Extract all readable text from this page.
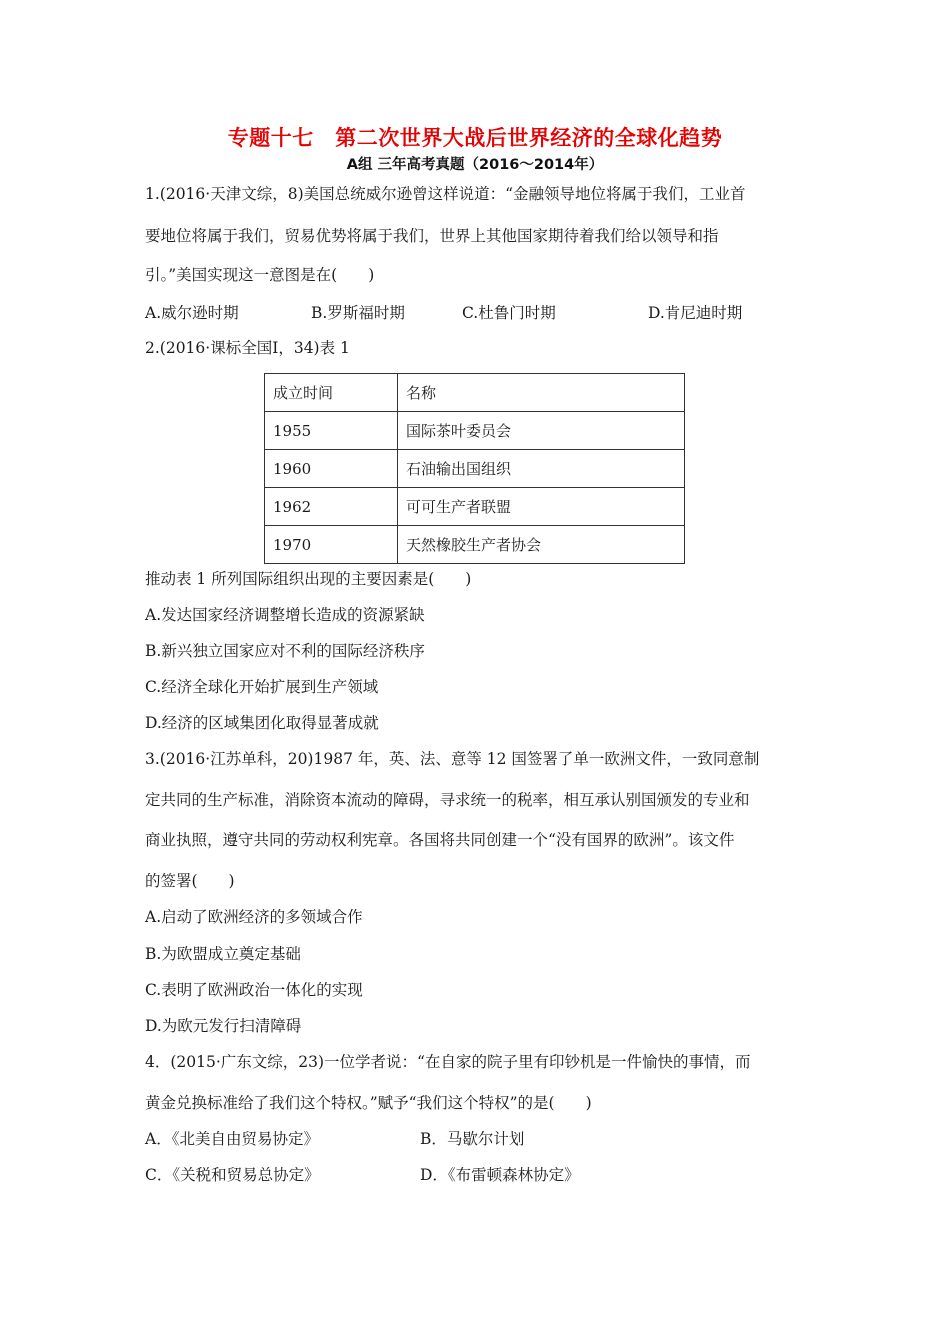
专题十七　第二次世界大战后世界经济的全球化趋势
A组 三年高考真题（2016～2014年）
1.(2016·天津文综，8)美国总统威尔逊曾这样说道：“金融领导地位将属于我们，工业首
要地位将属于我们，贸易优势将属于我们，世界上其他国家期待着我们给以领导和指
引。”美国实现这一意图是在(　　)
A.威尔逊时期	B.罗斯福时期	C.杜鲁门时期	D.肯尼迪时期
2.(2016·课标全国Ⅰ，34)表 1
成立时间	名称
1955	国际茶叶委员会
1960	石油输出国组织
1962	可可生产者联盟
1970	天然橡胶生产者协会
推动表 1 所列国际组织出现的主要因素是(　　)
A.发达国家经济调整增长造成的资源紧缺
B.新兴独立国家应对不利的国际经济秩序
C.经济全球化开始扩展到生产领域
D.经济的区域集团化取得显著成就
3.(2016·江苏单科，20)1987 年，英、法、意等 12 国签署了单一欧洲文件，一致同意制
定共同的生产标准，消除资本流动的障碍，寻求统一的税率，相互承认别国颁发的专业和
商业执照，遵守共同的劳动权利宪章。各国将共同创建一个“没有国界的欧洲”。该文件
的签署(　　)
A.启动了欧洲经济的多领域合作
B.为欧盟成立奠定基础
C.表明了欧洲政治一体化的实现
D.为欧元发行扫清障碍
4．(2015·广东文综，23)一位学者说：“在自家的院子里有印钞机是一件愉快的事情，而
黄金兑换标准给了我们这个特权。”赋予“我们这个特权”的是(　　)
A．《北美自由贸易协定》	B．马歇尔计划
C．《关税和贸易总协定》	D．《布雷顿森林协定》
